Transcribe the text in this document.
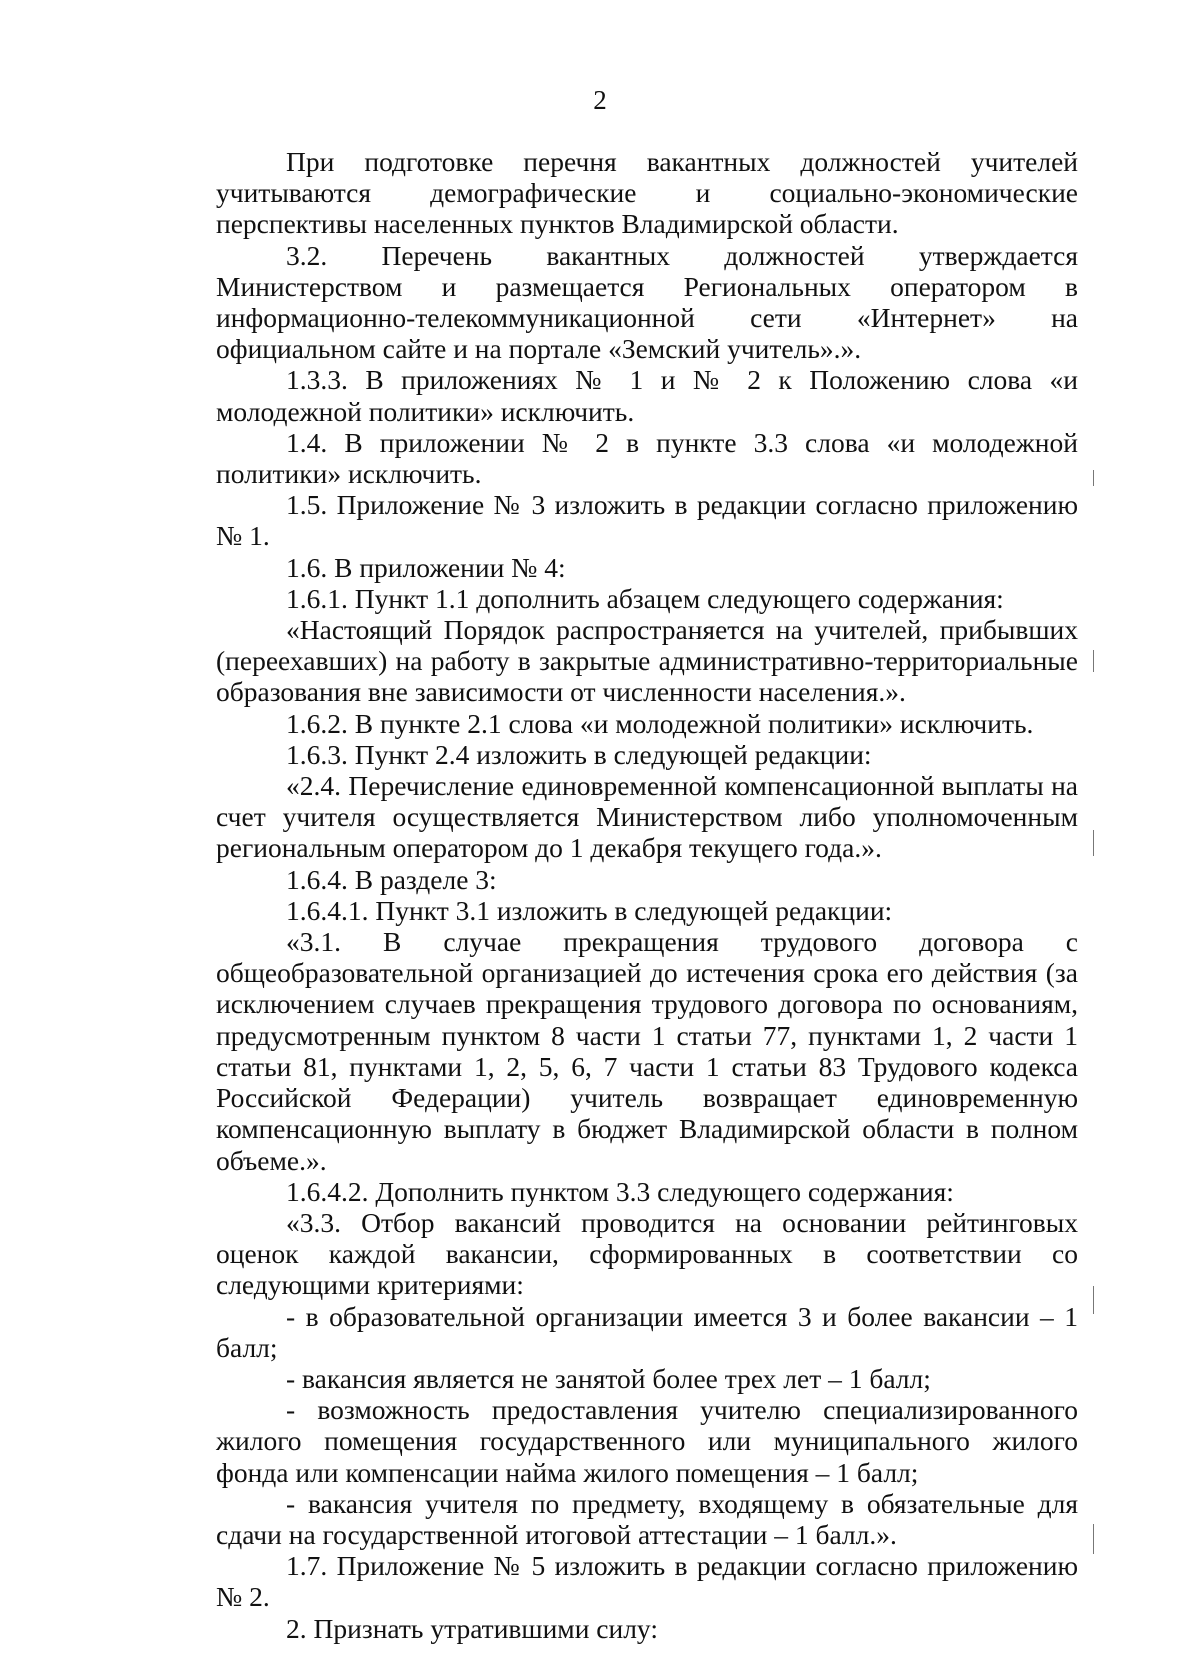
2

При подготовке перечня вакантных должностей учителей учитываются демографические и социально-экономические перспективы населенных пунктов Владимирской области.

3.2. Перечень вакантных должностей утверждается Министерством и размещается Региональных оператором в информационно-телекоммуникационной сети «Интернет» на официальном сайте и на портале «Земский учитель».».

1.3.3. В приложениях № 1 и № 2 к Положению слова «и молодежной политики» исключить.

1.4. В приложении № 2 в пункте 3.3 слова «и молодежной политики» исключить.

1.5. Приложение № 3 изложить в редакции согласно приложению № 1.

1.6. В приложении № 4:

1.6.1. Пункт 1.1 дополнить абзацем следующего содержания:

«Настоящий Порядок распространяется на учителей, прибывших (переехавших) на работу в закрытые административно-территориальные образования вне зависимости от численности населения.».

1.6.2. В пункте 2.1 слова «и молодежной политики» исключить.

1.6.3. Пункт 2.4 изложить в следующей редакции:

«2.4. Перечисление единовременной компенсационной выплаты на счет учителя осуществляется Министерством либо уполномоченным региональным оператором до 1 декабря текущего года.».

1.6.4. В разделе 3:

1.6.4.1. Пункт 3.1 изложить в следующей редакции:

«3.1. В случае прекращения трудового договора с общеобразовательной организацией до истечения срока его действия (за исключением случаев прекращения трудового договора по основаниям, предусмотренным пунктом 8 части 1 статьи 77, пунктами 1, 2 части 1 статьи 81, пунктами 1, 2, 5, 6, 7 части 1 статьи 83 Трудового кодекса Российской Федерации) учитель возвращает единовременную компенсационную выплату в бюджет Владимирской области в полном объеме.».

1.6.4.2. Дополнить пунктом 3.3 следующего содержания:

«3.3. Отбор вакансий проводится на основании рейтинговых оценок каждой вакансии, сформированных в соответствии со следующими критериями:

- в образовательной организации имеется 3 и более вакансии – 1 балл;

- вакансия является не занятой более трех лет – 1 балл;

- возможность предоставления учителю специализированного жилого помещения государственного или муниципального жилого фонда или компенсации найма жилого помещения – 1 балл;

- вакансия учителя по предмету, входящему в обязательные для сдачи на государственной итоговой аттестации – 1 балл.».

1.7. Приложение № 5 изложить в редакции согласно приложению № 2.

2. Признать утратившими силу:
